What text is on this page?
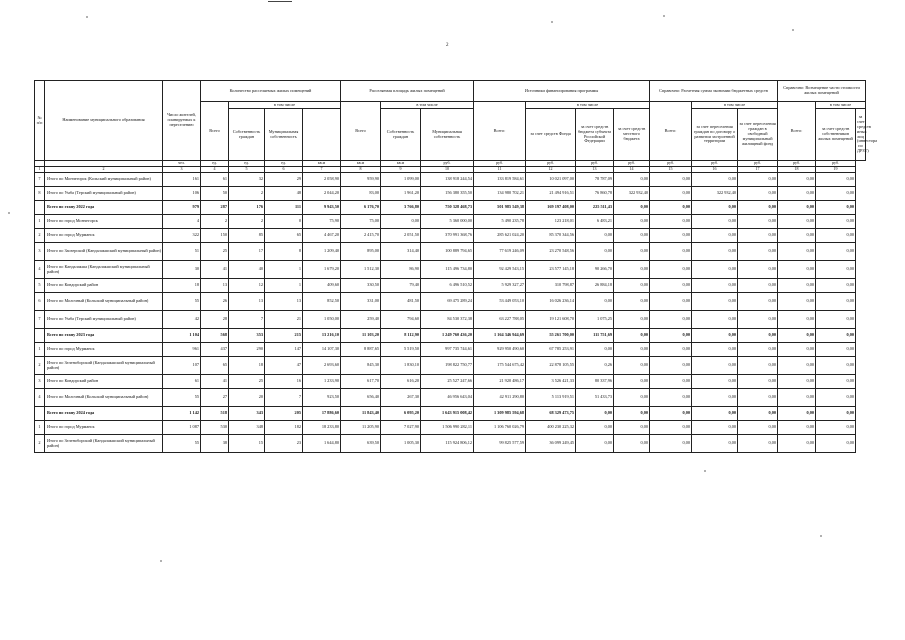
2
№ п/п	Наименование муниципального образования	Число жителей, планируемых к переселению	Количество расселяемых жилых помещений				Расселяемая площадь жилых помещений			Источники финансирования программы				Справочно: Расчетная сумма экономии бюджетных средств			Справочно: Возмещение части стоимости жилых помещений		
			Всего	в том числе			Всего	в том числе		Всего:	в том числе			Всего:	в том числе		Всего:	в том числе	
				Собственность граждан	Муниципальная собственность			Собственность граждан	Муниципальная собственность		за счет средств Фонда	за счет средств бюджета субъекта Российской Федерации	за счет средств местного бюджета		за счет переселения граждан по договору о развитии застроенной территории	за счет переселения граждан в свободный муниципальный жилищный фонд		за счет средств собственников жилых помещений	за счет средств иных лиц (инвестора по ДРЗТ)
		чел.	ед.	ед.	ед.	кв.м	кв.м	кв.м	руб.	руб.	руб.	руб.	руб.	руб.	руб.	руб.	руб.	руб.	
1	2	3	4	5	6	7	8	9	10	11	12	13	14	15	16	17	18	19	
7	Итого по Мончегорск (Кольский муниципальный район)	161	61	32	29	2 058,90	959,90	1 099,00	138 918 244,54	133 819 584,61	10 021 097,00	78 787,09	0,00	0,00	0,00	0,00	0,00	0,00	
8	Итого по Умба (Терский муниципальный район)	106	50	2	48	2 044,20	83,00	1 961,20	156 380 355,50	134 980 702,21	21 494 916,51	76 860,78	322 932,40	0,00	322 932,40	0,00	0,00	0,00	
	Всего по этапу 2022 года	979	287	176	111	9 943,50	6 176,70	3 766,80	750 328 468,73	501 985 549,38	169 197 408,00	225 511,43	0,00	0,00	0,00	0,00	0,00	0,00	
1	Итого по город Мончегорск	4	2	2	0	75,90	75,00	0,00	5 360 000,00	5 490 235,78	123 218,01	6 483,21	0,00	0,00	0,00	0,00	0,00	0,00	
2	Итого по город Мурманск	322	150	85	65	4 467,20	2 415,70	2 051,50	370 991 368,76	285 621 024,20	85 370 344,56	0,00	0,00	0,00	0,00	0,00	0,00	0,00	
3	Итого по Заозерский (Кандалакшский муниципальный район)	51	25	17	8	1 209,40	895,00	314,40	100 889 794,65	77 619 246,09	23 270 548,56	0,00	0,00	0,00	0,00	0,00	0,00	0,00	
4	Итого по Кандалакша (Кандалакшский муниципальный район)	30	41	40	1	1 679,20	1 512,30	86,90	115 496 734,80	92 429 543,15	23 577 145,18	90 266,70	0,00	0,00	0,00	0,00	0,00	0,00	
5	Итого по Ковдорский район	18	13	12	1	409,60	330,50	79,40	6 496 510,52	5 929 327,27	310 798,87	26 884,18	0,00	0,00	0,00	0,00	0,00	0,00	
6	Итого по Молочный (Кольский муниципальный район)	55	26	13	13	852,50	331,00	481,50	69 475 289,24	53 449 053,10	16 026 236,14	0,00	0,00	0,00	0,00	0,00	0,00	0,00	
7	Итого по Умба (Терский муниципальный район)	42	28	7	21	1 050,00	259,40	794,60	84 530 372,38	63 227 788,05	19 121 608,70	1 075,25	0,00	0,00	0,00	0,00	0,00	0,00	
	Всего по этапу 2023 года	1 104	568	353	215	13 216,10	11 103,20	8 112,90	1 249 760 436,20	1 164 346 944,69	55 261 700,00	111 751,69	0,00	0,00	0,00	0,00	0,00	0,00	
1	Итого по город Мурманск	961	437	290	147	14 107,30	8 887,65	5 519,50	997 735 744,61	929 950 490,60	67 785 253,91	0,00	0,00	0,00	0,00	0,00	0,00	0,00	
2	Итого по Зеленоборский (Кандалакшский муниципальный район)	107	65	18	47	2 693,60	845,30	1 830,10	198 822 750,77	175 544 675,42	22 878 105,55	0,26	0,00	0,00	0,00	0,00	0,00	0,00	
3	Итого по Ковдорский район	61	41	25	16	1 233,90	617,70	616,20	25 527 247,66	21 920 486,17	3 526 421,33	80 337,96	0,00	0,00	0,00	0,00	0,00	0,00	
4	Итого по Молочный (Кольский муниципальный район)	55	27	20	7	923,50	656,40	267,30	46 956 643,04	42 911 290,80	5 113 919,51	51 433,73	0,00	0,00	0,00	0,00	0,00	0,00	
	Всего по этапу 2024 года	1 142	518	343	205	17 886,60	11 843,40	6 095,20	1 643 915 008,42	1 309 985 594,68	68 329 473,75	0,00	0,00	0,00	0,00	0,00	0,00	0,00	
1	Итого по город Мурманск	1 087	530	348	182	18 233,80	11 205,90	7 027,90	1 506 990 282,11	1 106 760 026,79	400 230 225,32	0,00	0,00	0,00	0,00	0,00	0,00	0,00	
2	Итого по Зеленоборский (Кандалакшский муниципальный район)	55	38	15	23	1 644,80	639,50	1 005,30	115 924 806,12	99 825 577,59	36 099 249,45	0,00	0,00	0,00	0,00	0,00	0,00	0,00	
